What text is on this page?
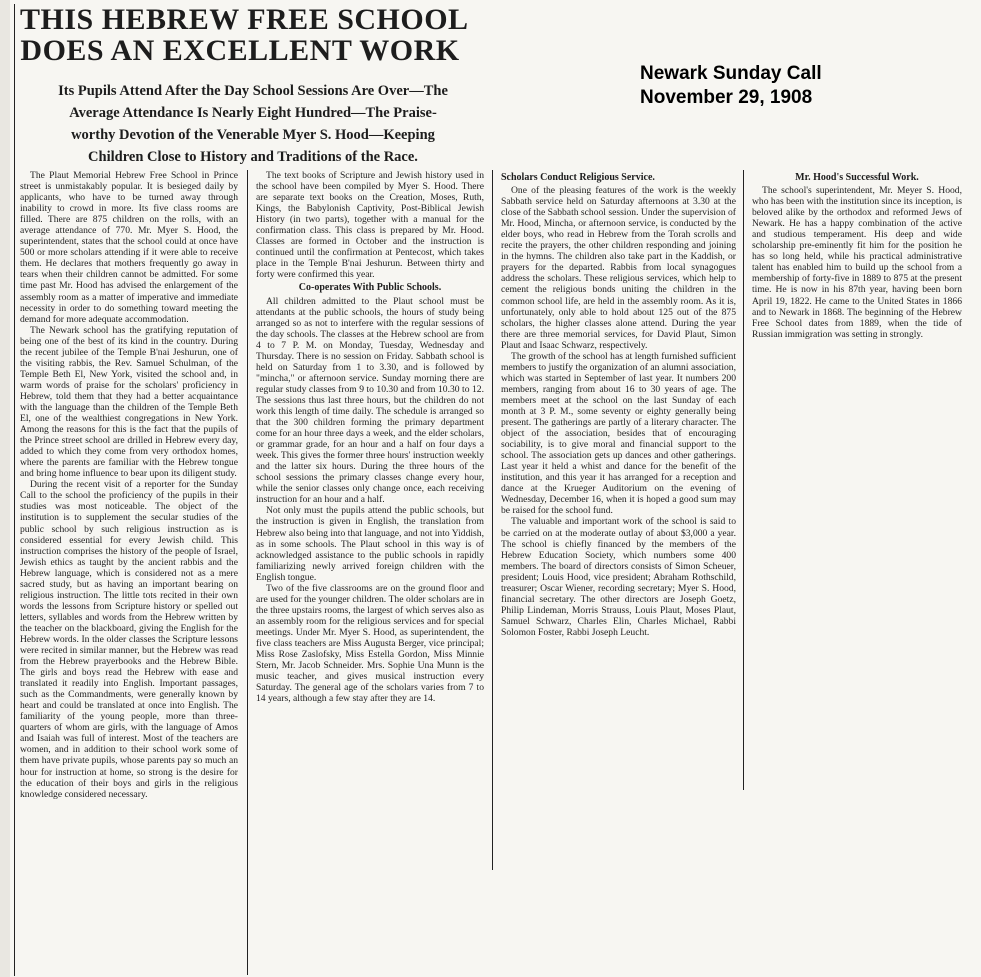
THIS HEBREW FREE SCHOOL
DOES AN EXCELLENT WORK
Its Pupils Attend After the Day School Sessions Are Over—The
Average Attendance Is Nearly Eight Hundred—The Praise-
worthy Devotion of the Venerable Myer S. Hood—Keeping
Children Close to History and Traditions of the Race.
Newark Sunday Call
November 29, 1908

The Plaut Memorial Hebrew Free School in Prince street is unmistakably popular. It is besieged daily by applicants, who have to be turned away through inability to crowd in more. Its five class rooms are filled. There are 875 children on the rolls, with an average attendance of 770. Mr. Myer S. Hood, the superintendent, states that the school could at once have 500 or more scholars attending if it were able to receive them. He declares that mothers frequently go away in tears when their children cannot be admitted. For some time past Mr. Hood has advised the enlargement of the assembly room as a matter of imperative and immediate necessity in order to do something toward meeting the demand for more adequate accommodation.

The Newark school has the gratifying reputation of being one of the best of its kind in the country. During the recent jubilee of the Temple B'nai Jeshurun, one of the visiting rabbis, the Rev. Samuel Schulman, of the Temple Beth El, New York, visited the school and, in warm words of praise for the scholars' proficiency in Hebrew, told them that they had a better acquaintance with the language than the children of the Temple Beth El, one of the wealthiest congregations in New York. Among the reasons for this is the fact that the pupils of the Prince street school are drilled in Hebrew every day, added to which they come from very orthodox homes, where the parents are familiar with the Hebrew tongue and bring home influence to bear upon its diligent study.

During the recent visit of a reporter for the Sunday Call to the school the proficiency of the pupils in their studies was most noticeable. The object of the institution is to supplement the secular studies of the public school by such religious instruction as is considered essential for every Jewish child. This instruction comprises the history of the people of Israel, Jewish ethics as taught by the ancient rabbis and the Hebrew language, which is considered not as a mere sacred study, but as having an important bearing on religious instruction. The little tots recited in their own words the lessons from Scripture history or spelled out letters, syllables and words from the Hebrew written by the teacher on the blackboard, giving the English for the Hebrew words. In the older classes the Scripture lessons were recited in similar manner, but the Hebrew was read from the Hebrew prayerbooks and the Hebrew Bible. The girls and boys read the Hebrew with ease and translated it readily into English. Important passages, such as the Commandments, were generally known by heart and could be translated at once into English. The familiarity of the young people, more than three-quarters of whom are girls, with the language of Amos and Isaiah was full of interest. Most of the teachers are women, and in addition to their school work some of them have private pupils, whose parents pay so much an hour for instruction at home, so strong is the desire for the education of their boys and girls in the religious knowledge considered necessary.

The text books of Scripture and Jewish history used in the school have been compiled by Myer S. Hood. There are separate text books on the Creation, Moses, Ruth, Kings, the Babylonish Captivity, Post-Biblical Jewish History (in two parts), together with a manual for the confirmation class. This class is prepared by Mr. Hood. Classes are formed in October and the instruction is continued until the confirmation at Pentecost, which takes place in the Temple B'nai Jeshurun. Between thirty and forty were confirmed this year.

Co-operates With Public Schools.

All children admitted to the Plaut school must be attendants at the public schools, the hours of study being arranged so as not to interfere with the regular sessions of the day schools. The classes at the Hebrew school are from 4 to 7 P. M. on Monday, Tuesday, Wednesday and Thursday. There is no session on Friday. Sabbath school is held on Saturday from 1 to 3.30, and is followed by "mincha," or afternoon service. Sunday morning there are regular study classes from 9 to 10.30 and from 10.30 to 12. The sessions thus last three hours, but the children do not work this length of time daily. The schedule is arranged so that the 300 children forming the primary department come for an hour three days a week, and the elder scholars, or grammar grade, for an hour and a half on four days a week. This gives the former three hours' instruction weekly and the latter six hours. During the three hours of the school sessions the primary classes change every hour, while the senior classes only change once, each receiving instruction for an hour and a half.

Not only must the pupils attend the public schools, but the instruction is given in English, the translation from Hebrew also being into that language, and not into Yiddish, as in some schools. The Plaut school in this way is of acknowledged assistance to the public schools in rapidly familiarizing newly arrived foreign children with the English tongue.

Two of the five classrooms are on the ground floor and are used for the younger children. The older scholars are in the three upstairs rooms, the largest of which serves also as an assembly room for the religious services and for special meetings. Under Mr. Myer S. Hood, as superintendent, the five class teachers are Miss Augusta Berger, vice principal; Miss Rose Zaslofsky, Miss Estella Gordon, Miss Minnie Stern, Mr. Jacob Schneider. Mrs. Sophie Una Munn is the music teacher, and gives musical instruction every Saturday. The general age of the scholars varies from 7 to 14 years, although a few stay after they are 14.

Scholars Conduct Religious Service.

One of the pleasing features of the work is the weekly Sabbath service held on Saturday afternoons at 3.30 at the close of the Sabbath school session. Under the supervision of Mr. Hood, Mincha, or afternoon service, is conducted by the elder boys, who read in Hebrew from the Torah scrolls and recite the prayers, the other children responding and joining in the hymns. The children also take part in the Kaddish, or prayers for the departed. Rabbis from local synagogues address the scholars. These religious services, which help to cement the religious bonds uniting the children in the common school life, are held in the assembly room. As it is, unfortunately, only able to hold about 125 out of the 875 scholars, the higher classes alone attend. During the year there are three memorial services, for David Plaut, Simon Plaut and Isaac Schwarz, respectively.

The growth of the school has at length furnished sufficient members to justify the organization of an alumni association, which was started in September of last year. It numbers 200 members, ranging from about 16 to 30 years of age. The members meet at the school on the last Sunday of each month at 3 P. M., some seventy or eighty generally being present. The gatherings are partly of a literary character. The object of the association, besides that of encouraging sociability, is to give moral and financial support to the school. The association gets up dances and other gatherings. Last year it held a whist and dance for the benefit of the institution, and this year it has arranged for a reception and dance at the Krueger Auditorium on the evening of Wednesday, December 16, when it is hoped a good sum may be raised for the school fund.

The valuable and important work of the school is said to be carried on at the moderate outlay of about $3,000 a year. The school is chiefly financed by the members of the Hebrew Education Society, which numbers some 400 members. The board of directors consists of Simon Scheuer, president; Louis Hood, vice president; Abraham Rothschild, treasurer; Oscar Wiener, recording secretary; Myer S. Hood, financial secretary. The other directors are Joseph Goetz, Philip Lindeman, Morris Strauss, Louis Plaut, Moses Plaut, Samuel Schwarz, Charles Elin, Charles Michael, Rabbi Solomon Foster, Rabbi Joseph Leucht.

Mr. Hood's Successful Work.

The school's superintendent, Mr. Meyer S. Hood, who has been with the institution since its inception, is beloved alike by the orthodox and reformed Jews of Newark. He has a happy combination of the active and studious temperament. His deep and wide scholarship pre-eminently fit him for the position he has so long held, while his practical administrative talent has enabled him to build up the school from a membership of forty-five in 1889 to 875 at the present time. He is now in his 87th year, having been born April 19, 1822. He came to the United States in 1866 and to Newark in 1868. The beginning of the Hebrew Free School dates from 1889, when the tide of Russian immigration was setting in strongly.
